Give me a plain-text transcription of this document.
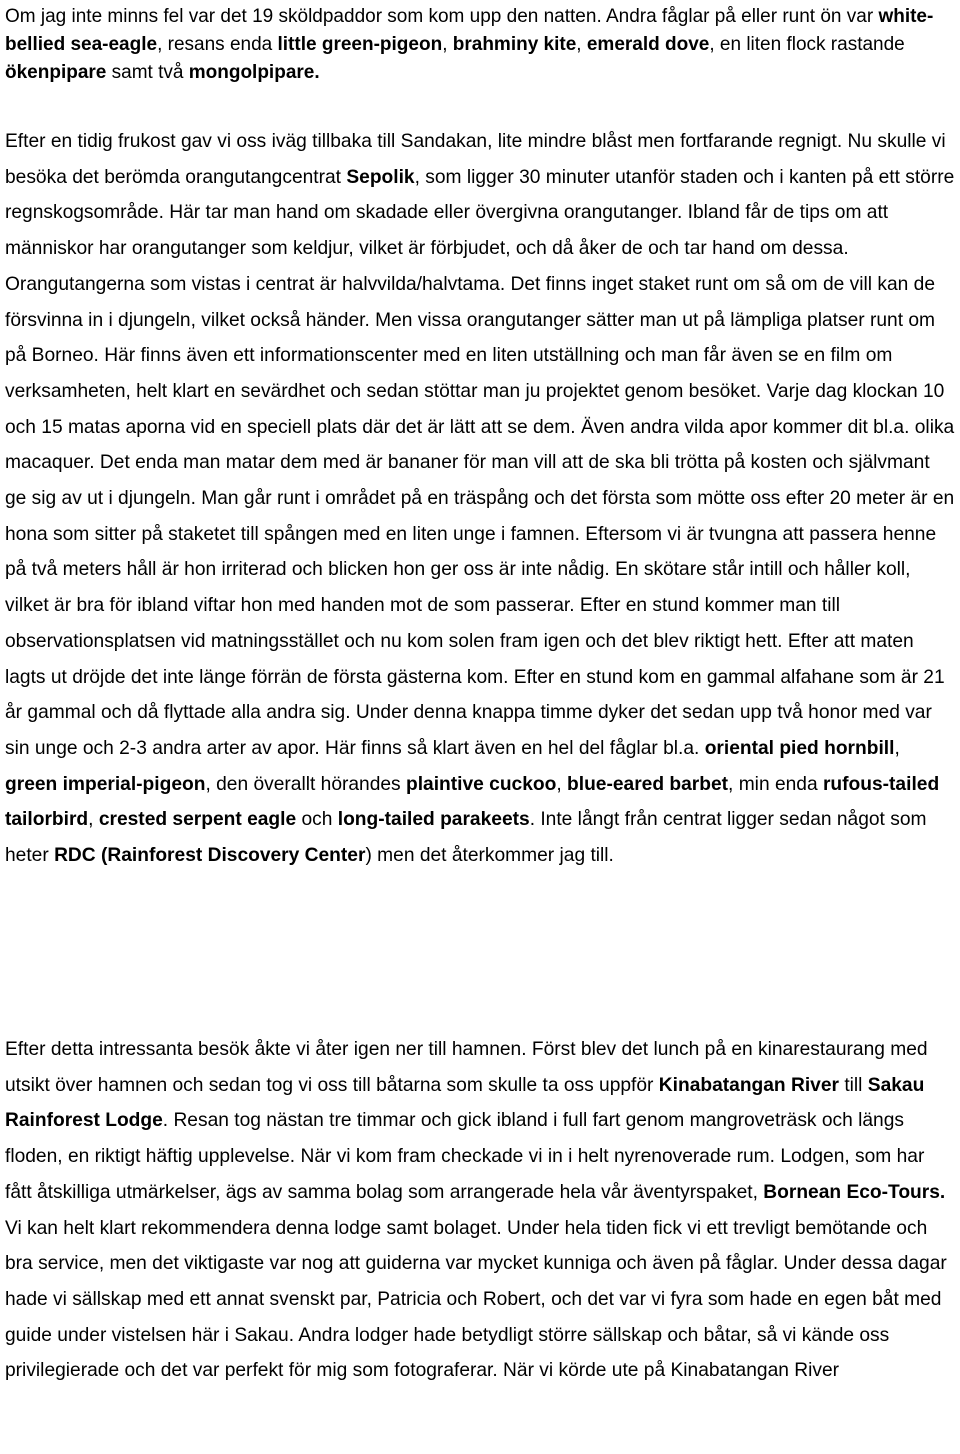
Om jag inte minns fel var det 19 sköldpaddor som kom upp den natten. Andra fåglar på eller runt ön var white-bellied sea-eagle, resans enda little green-pigeon, brahminy kite, emerald dove, en liten flock rastande ökenpipare samt två mongolpipare.

Efter en tidig frukost gav vi oss iväg tillbaka till Sandakan, lite mindre blåst men fortfarande regnigt. Nu skulle vi besöka det berömda orangutangcentrat Sepolik, som ligger 30 minuter utanför staden och i kanten på ett större regnskogsområde. Här tar man hand om skadade eller övergivna orangutanger. Ibland får de tips om att människor har orangutanger som keldjur, vilket är förbjudet, och då åker de och tar hand om dessa. Orangutangerna som vistas i centrat är halvvilda/halvtama. Det finns inget staket runt om så om de vill kan de försvinna in i djungeln, vilket också händer. Men vissa orangutanger sätter man ut på lämpliga platser runt om på Borneo. Här finns även ett informationscenter med en liten utställning och man får även se en film om verksamheten, helt klart en sevärdhet och sedan stöttar man ju projektet genom besöket. Varje dag klockan 10 och 15 matas aporna vid en speciell plats där det är lätt att se dem. Även andra vilda apor kommer dit bl.a. olika macaquer. Det enda man matar dem med är bananer för man vill att de ska bli trötta på kosten och självmant ge sig av ut i djungeln. Man går runt i området på en träspång och det första som mötte oss efter 20 meter är en hona som sitter på staketet till spången med en liten unge i famnen. Eftersom vi är tvungna att passera henne på två meters håll är hon irriterad och blicken hon ger oss är inte nådig. En skötare står intill och håller koll, vilket är bra för ibland viftar hon med handen mot de som passerar. Efter en stund kommer man till observationsplatsen vid matningsstället och nu kom solen fram igen och det blev riktigt hett. Efter att maten lagts ut dröjde det inte länge förrän de första gästerna kom. Efter en stund kom en gammal alfahane som är 21 år gammal och då flyttade alla andra sig. Under denna knappa timme dyker det sedan upp två honor med var sin unge och 2-3 andra arter av apor. Här finns så klart även en hel del fåglar bl.a. oriental pied hornbill, green imperial-pigeon, den överallt hörandes plaintive cuckoo, blue-eared barbet, min enda rufous-tailed tailorbird, crested serpent eagle och long-tailed parakeets. Inte långt från centrat ligger sedan något som heter RDC (Rainforest Discovery Center) men det återkommer jag till.

Efter detta intressanta besök åkte vi åter igen ner till hamnen. Först blev det lunch på en kinarestaurang med utsikt över hamnen och sedan tog vi oss till båtarna som skulle ta oss uppför Kinabatangan River till Sakau Rainforest Lodge. Resan tog nästan tre timmar och gick ibland i full fart genom mangroveträsk och längs floden, en riktigt häftig upplevelse. När vi kom fram checkade vi in i helt nyrenoverade rum. Lodgen, som har fått åtskilliga utmärkelser, ägs av samma bolag som arrangerade hela vår äventyrspaket, Bornean Eco-Tours. Vi kan helt klart rekommendera denna lodge samt bolaget. Under hela tiden fick vi ett trevligt bemötande och bra service, men det viktigaste var nog att guiderna var mycket kunniga och även på fåglar. Under dessa dagar hade vi sällskap med ett annat svenskt par, Patricia och Robert, och det var vi fyra som hade en egen båt med guide under vistelsen här i Sakau. Andra lodger hade betydligt större sällskap och båtar, så vi kände oss privilegierade och det var perfekt för mig som fotograferar. När vi körde ute på Kinabatangan River
